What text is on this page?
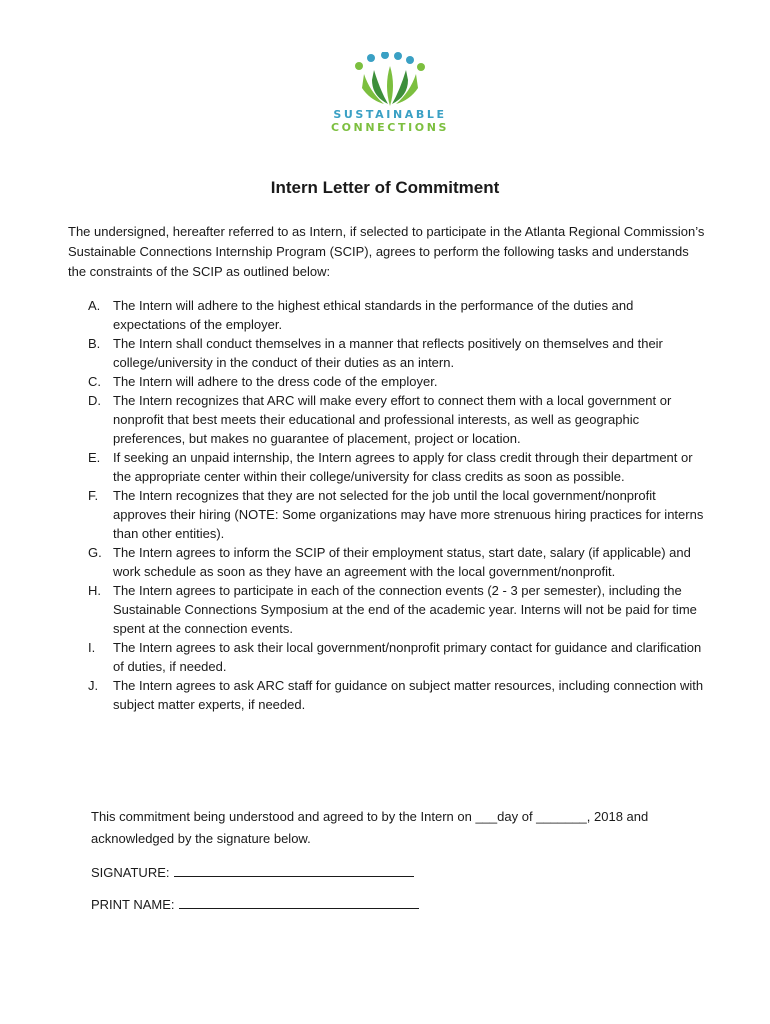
SUSTAINABLE
CONNECTIONS
Intern Letter of Commitment
The undersigned, hereafter referred to as Intern, if selected to participate in the Atlanta Regional Commission’s Sustainable Connections Internship Program (SCIP), agrees to perform the following tasks and understands the constraints of the SCIP as outlined below:
A. The Intern will adhere to the highest ethical standards in the performance of the duties and expectations of the employer.
B. The Intern shall conduct themselves in a manner that reflects positively on themselves and their college/university in the conduct of their duties as an intern.
C. The Intern will adhere to the dress code of the employer.
D. The Intern recognizes that ARC will make every effort to connect them with a local government or nonprofit that best meets their educational and professional interests, as well as geographic preferences, but makes no guarantee of placement, project or location.
E. If seeking an unpaid internship, the Intern agrees to apply for class credit through their department or the appropriate center within their college/university for class credits as soon as possible.
F. The Intern recognizes that they are not selected for the job until the local government/nonprofit approves their hiring (NOTE: Some organizations may have more strenuous hiring practices for interns than other entities).
G. The Intern agrees to inform the SCIP of their employment status, start date, salary (if applicable) and work schedule as soon as they have an agreement with the local government/nonprofit.
H. The Intern agrees to participate in each of the connection events (2 - 3 per semester), including the Sustainable Connections Symposium at the end of the academic year. Interns will not be paid for time spent at the connection events.
I. The Intern agrees to ask their local government/nonprofit primary contact for guidance and clarification of duties, if needed.
J. The Intern agrees to ask ARC staff for guidance on subject matter resources, including connection with subject matter experts, if needed.
This commitment being understood and agreed to by the Intern on ___day of _______, 2018 and acknowledged by the signature below.
SIGNATURE:
PRINT NAME:
